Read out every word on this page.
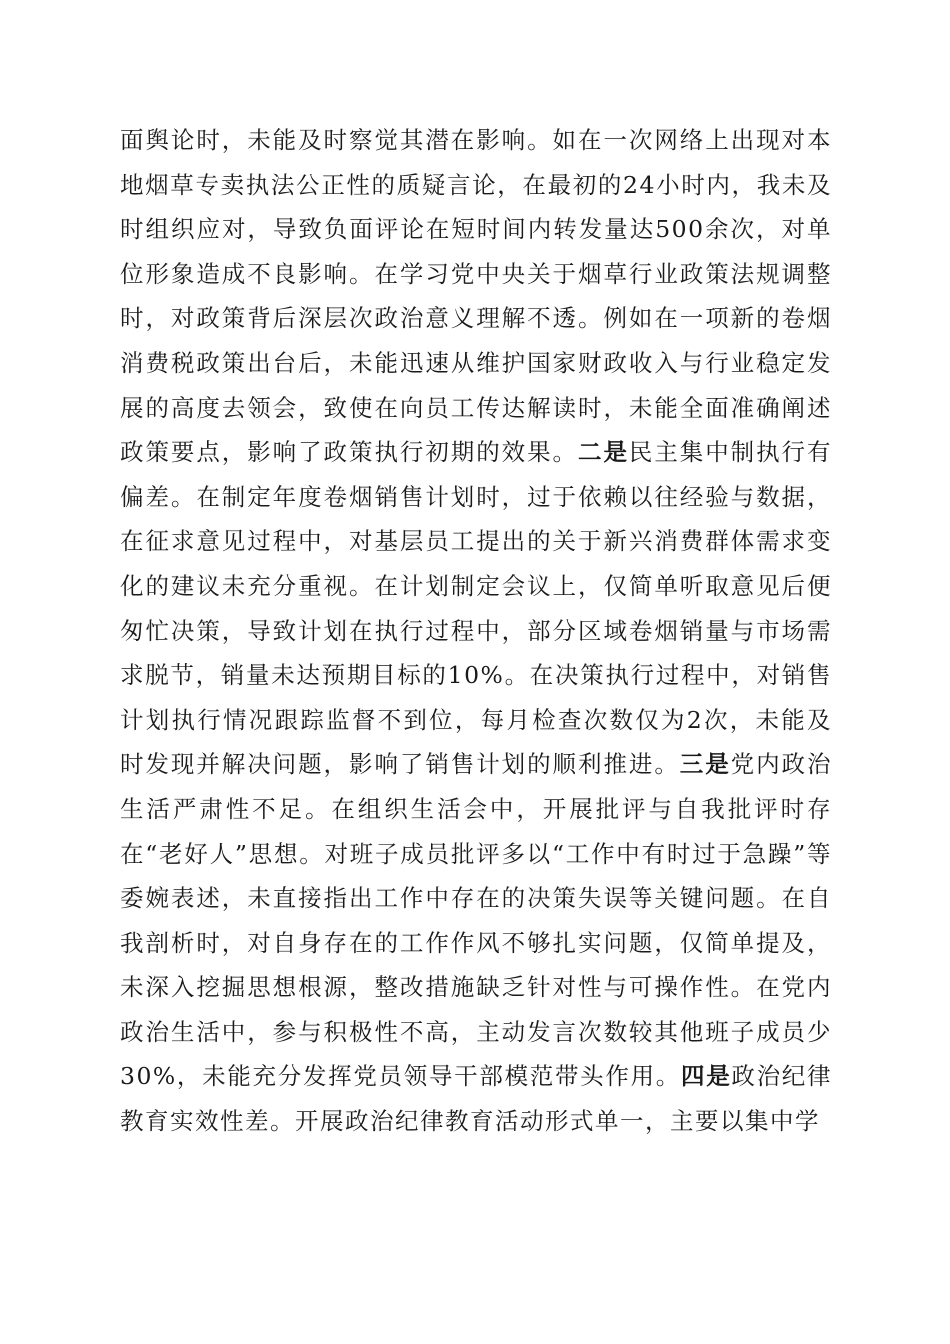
面舆论时，未能及时察觉其潜在影响。如在一次网络上出现对本地烟草专卖执法公正性的质疑言论，在最初的24小时内，我未及时组织应对，导致负面评论在短时间内转发量达500余次，对单位形象造成不良影响。在学习党中央关于烟草行业政策法规调整时，对政策背后深层次政治意义理解不透。例如在一项新的卷烟消费税政策出台后，未能迅速从维护国家财政收入与行业稳定发展的高度去领会，致使在向员工传达解读时，未能全面准确阐述政策要点，影响了政策执行初期的效果。二是民主集中制执行有偏差。在制定年度卷烟销售计划时，过于依赖以往经验与数据，在征求意见过程中，对基层员工提出的关于新兴消费群体需求变化的建议未充分重视。在计划制定会议上，仅简单听取意见后便匆忙决策，导致计划在执行过程中，部分区域卷烟销量与市场需求脱节，销量未达预期目标的10%。在决策执行过程中，对销售计划执行情况跟踪监督不到位，每月检查次数仅为2次，未能及时发现并解决问题，影响了销售计划的顺利推进。三是党内政治生活严肃性不足。在组织生活会中，开展批评与自我批评时存在“老好人”思想。对班子成员批评多以“工作中有时过于急躁”等委婉表述，未直接指出工作中存在的决策失误等关键问题。在自我剖析时，对自身存在的工作作风不够扎实问题，仅简单提及，未深入挖掘思想根源，整改措施缺乏针对性与可操作性。在党内政治生活中，参与积极性不高，主动发言次数较其他班子成员少30%，未能充分发挥党员领导干部模范带头作用。四是政治纪律教育实效性差。开展政治纪律教育活动形式单一，主要以集中学
